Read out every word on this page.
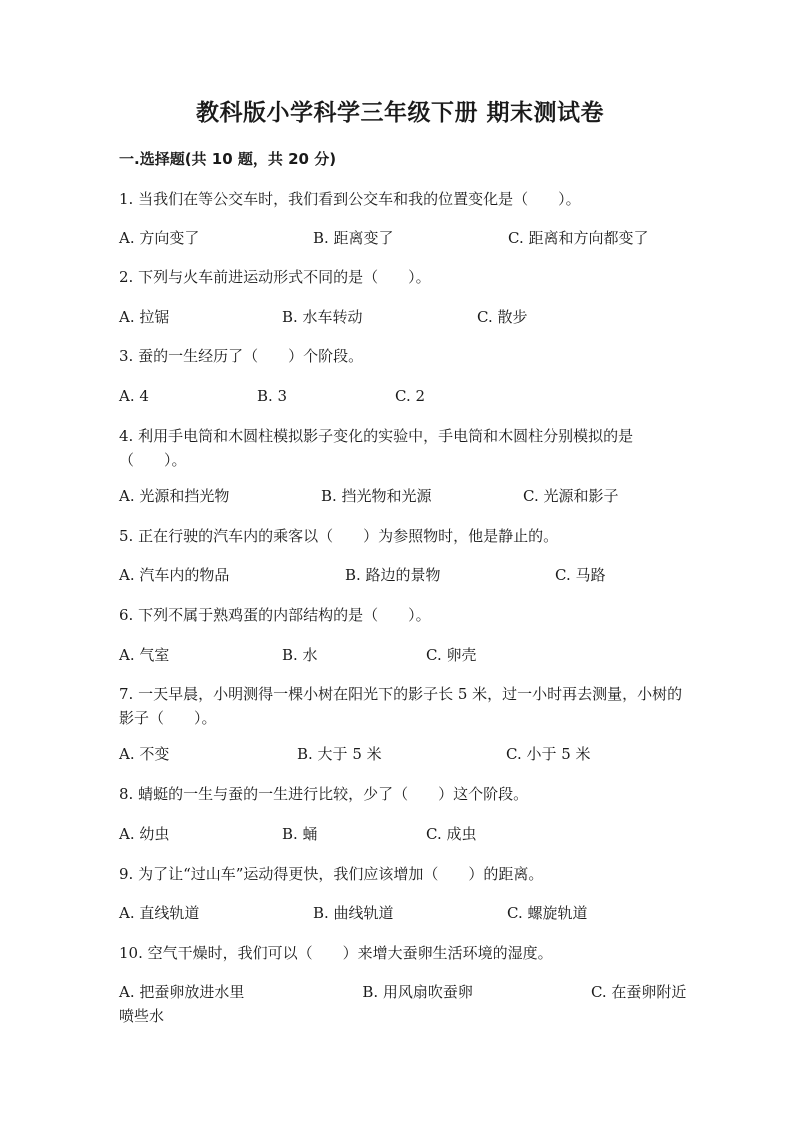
教科版小学科学三年级下册 期末测试卷
一.选择题(共 10 题，共 20 分)
1. 当我们在等公交车时，我们看到公交车和我的位置变化是（　　）。
A. 方向变了	B. 距离变了	C. 距离和方向都变了
2. 下列与火车前进运动形式不同的是（　　）。
A. 拉锯	B. 水车转动	C. 散步
3. 蚕的一生经历了（　　）个阶段。
A. 4	B. 3	C. 2
4. 利用手电筒和木圆柱模拟影子变化的实验中，手电筒和木圆柱分别模拟的是（　　）。
A. 光源和挡光物	B. 挡光物和光源	C. 光源和影子
5. 正在行驶的汽车内的乘客以（　　）为参照物时，他是静止的。
A. 汽车内的物品	B. 路边的景物	C. 马路
6. 下列不属于熟鸡蛋的内部结构的是（　　）。
A. 气室	B. 水	C. 卵壳
7. 一天早晨，小明测得一棵小树在阳光下的影子长 5 米，过一小时再去测量，小树的影子（　　）。
A. 不变	B. 大于 5 米	C. 小于 5 米
8. 蜻蜓的一生与蚕的一生进行比较，少了（　　）这个阶段。
A. 幼虫	B. 蛹	C. 成虫
9. 为了让“过山车”运动得更快，我们应该增加（　　）的距离。
A. 直线轨道	B. 曲线轨道	C. 螺旋轨道
10. 空气干燥时，我们可以（　　）来增大蚕卵生活环境的湿度。
A. 把蚕卵放进水里	B. 用风扇吹蚕卵	C. 在蚕卵附近喷些水
